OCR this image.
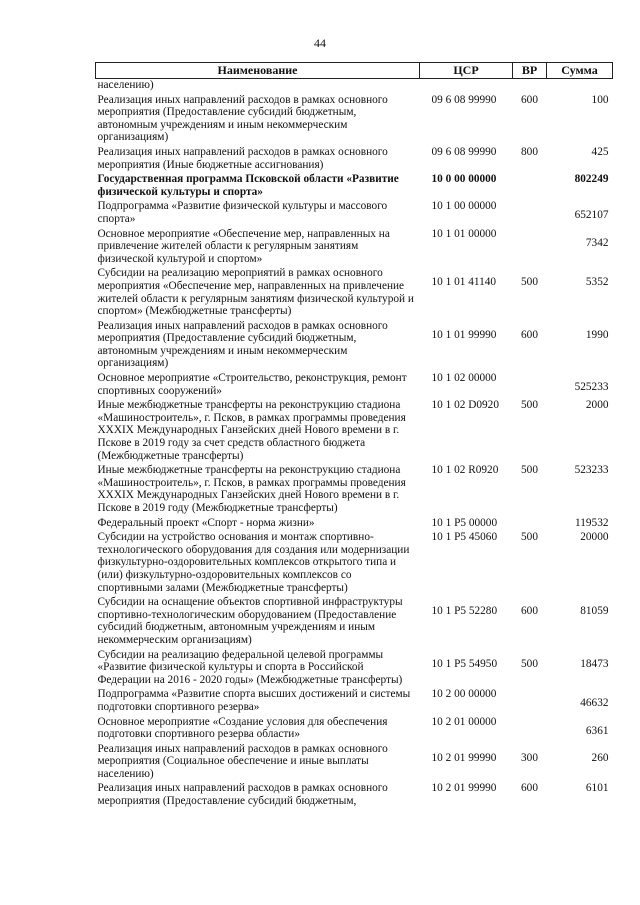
44
Наименование	ЦСР	ВР	Сумма
населению)			
Реализация иных направлений расходов в рамках основного мероприятия (Предоставление субсидий бюджетным, автономным учреждениям и иным некоммерческим организациям)	09 6 08 99990	600	100
Реализация иных направлений расходов в рамках основного мероприятия (Иные бюджетные ассигнования)	09 6 08 99990	800	425
Государственная программа Псковской области «Развитие физической культуры и спорта»	10 0 00 00000		802249
Подпрограмма «Развитие физической культуры и массового спорта»	10 1 00 00000		652107
Основное мероприятие «Обеспечение мер, направленных на привлечение жителей области к регулярным занятиям физической культурой и спортом»	10 1 01 00000		7342
Субсидии на реализацию мероприятий в рамках основного мероприятия «Обеспечение мер, направленных на привлечение жителей области к регулярным занятиям физической культурой и спортом» (Межбюджетные трансферты)	10 1 01 41140	500	5352
Реализация иных направлений расходов в рамках основного мероприятия (Предоставление субсидий бюджетным, автономным учреждениям и иным некоммерческим организациям)	10 1 01 99990	600	1990
Основное мероприятие «Строительство, реконструкция, ремонт спортивных сооружений»	10 1 02 00000		525233
Иные межбюджетные трансферты на реконструкцию стадиона «Машиностроитель», г. Псков, в рамках программы проведения XXXIX Международных Ганзейских дней Нового времени в г. Пскове в 2019 году за счет средств областного бюджета (Межбюджетные трансферты)	10 1 02 D0920	500	2000
Иные межбюджетные трансферты на реконструкцию стадиона «Машиностроитель», г. Псков, в рамках программы проведения XXXIX Международных Ганзейских дней Нового времени в г. Пскове в 2019 году (Межбюджетные трансферты)	10 1 02 R0920	500	523233
Федеральный проект «Спорт - норма жизни»	10 1 P5 00000		119532
Субсидии на устройство основания и монтаж спортивно-технологического оборудования для создания или модернизации физкультурно-оздоровительных комплексов открытого типа и (или) физкультурно-оздоровительных комплексов со спортивными залами (Межбюджетные трансферты)	10 1 P5 45060	500	20000
Субсидии на оснащение объектов спортивной инфраструктуры спортивно-технологическим оборудованием (Предоставление субсидий бюджетным, автономным учреждениям и иным некоммерческим организациям)	10 1 P5 52280	600	81059
Субсидии на реализацию федеральной целевой программы «Развитие физической культуры и спорта в Российской Федерации на 2016 - 2020 годы» (Межбюджетные трансферты)	10 1 P5 54950	500	18473
Подпрограмма «Развитие спорта высших достижений и системы подготовки спортивного резерва»	10 2 00 00000		46632
Основное мероприятие «Создание условия для обеспечения подготовки спортивного резерва области»	10 2 01 00000		6361
Реализация иных направлений расходов в рамках основного мероприятия (Социальное обеспечение и иные выплаты населению)	10 2 01 99990	300	260
Реализация иных направлений расходов в рамках основного мероприятия (Предоставление субсидий бюджетным,	10 2 01 99990	600	6101
